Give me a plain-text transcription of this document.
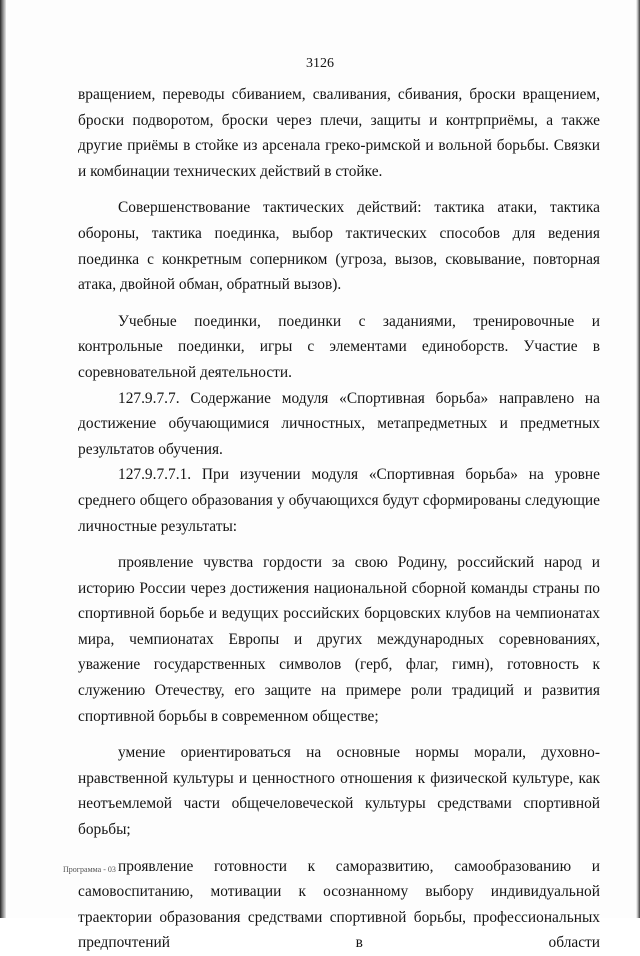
3126

вращением, переводы сбиванием, сваливания, сбивания, броски вращением, броски подворотом, броски через плечи, защиты и контрприёмы, а также другие приёмы в стойке из арсенала греко-римской и вольной борьбы. Связки и комбинации технических действий в стойке.

Совершенствование тактических действий: тактика атаки, тактика обороны, тактика поединка, выбор тактических способов для ведения поединка с конкретным соперником (угроза, вызов, сковывание, повторная атака, двойной обман, обратный вызов).

Учебные поединки, поединки с заданиями, тренировочные и контрольные поединки, игры с элементами единоборств. Участие в соревновательной деятельности.

127.9.7.7. Содержание модуля «Спортивная борьба» направлено на достижение обучающимися личностных, метапредметных и предметных результатов обучения.

127.9.7.7.1. При изучении модуля «Спортивная борьба» на уровне среднего общего образования у обучающихся будут сформированы следующие личностные результаты:

проявление чувства гордости за свою Родину, российский народ и историю России через достижения национальной сборной команды страны по спортивной борьбе и ведущих российских борцовских клубов на чемпионатах мира, чемпионатах Европы и других международных соревнованиях, уважение государственных символов (герб, флаг, гимн), готовность к служению Отечеству, его защите на примере роли традиций и развития спортивной борьбы в современном обществе;

умение ориентироваться на основные нормы морали, духовно-нравственной культуры и ценностного отношения к физической культуре, как неотъемлемой части общечеловеческой культуры средствами спортивной борьбы;

проявление готовности к саморазвитию, самообразованию и самовоспитанию, мотивации к осознанному выбору индивидуальной траектории образования средствами спортивной борьбы, профессиональных предпочтений в области

Программа - 03
